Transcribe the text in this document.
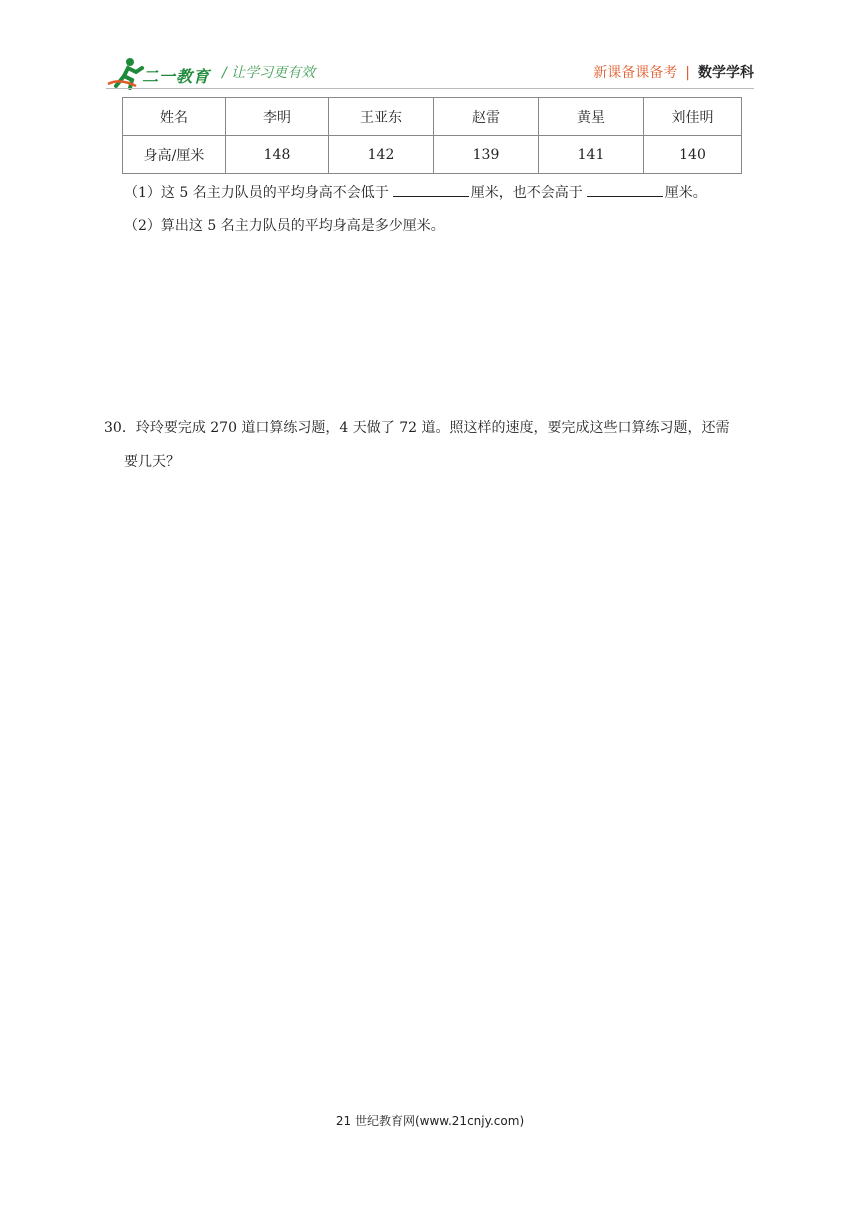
二一教育 / 让学习更有效	新课备课备考 | 数学学科
姓名	李明	王亚东	赵雷	黄星	刘佳明
身高/厘米	148	142	139	141	140
（1）这 5 名主力队员的平均身高不会低于	厘米，也不会高于	厘米。
（2）算出这 5 名主力队员的平均身高是多少厘米。
30．玲玲要完成 270 道口算练习题，4 天做了 72 道。照这样的速度，要完成这些口算练习题，还需
要几天？
21 世纪教育网(www.21cnjy.com)
